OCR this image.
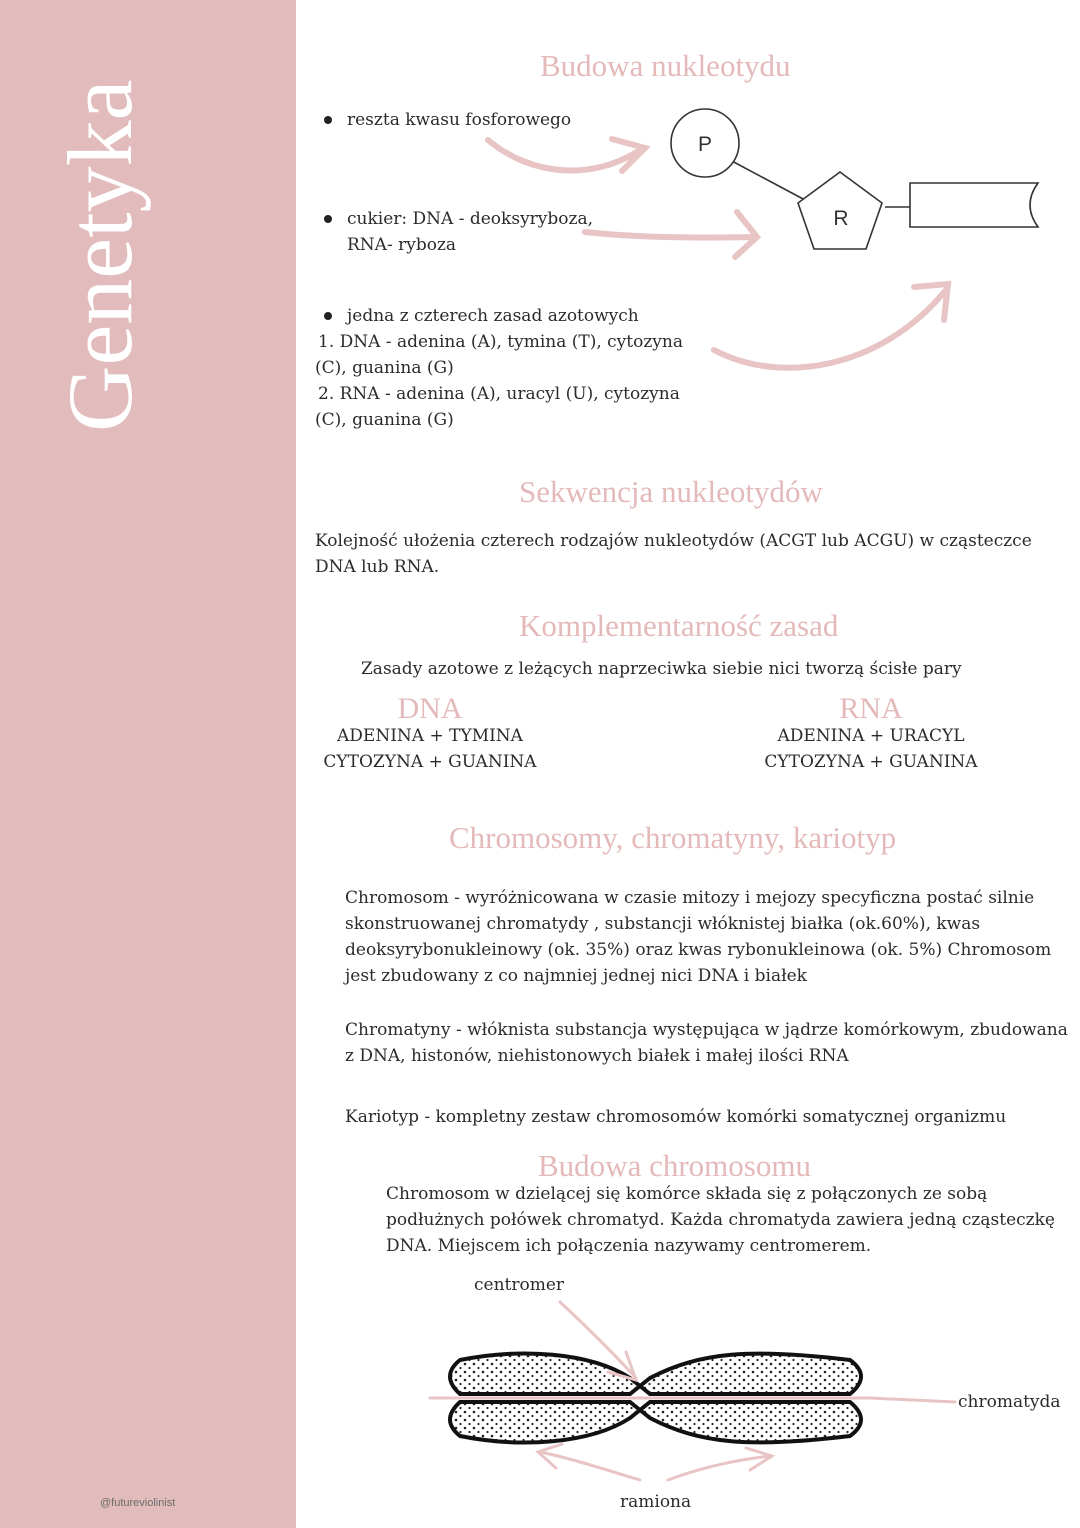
Genetyka
@futureviolinist
Budowa nukleotydu
reszta kwasu fosforowego
cukier: DNA - deoksyryboza,
RNA- ryboza
jedna z czterech zasad azotowych
1. DNA - adenina (A), tymina (T), cytozyna
(C), guanina (G)
2. RNA - adenina (A), uracyl (U), cytozyna
(C), guanina (G)
P
R
Sekwencja nukleotydów
Kolejność ułożenia czterech rodzajów nukleotydów (ACGT lub ACGU) w cząsteczce
DNA lub RNA.
Komplementarność zasad
Zasady azotowe z leżących naprzeciwka siebie nici tworzą ścisłe pary
DNA
ADENINA + TYMINA
CYTOZYNA + GUANINA
RNA
ADENINA + URACYL
CYTOZYNA + GUANINA
Chromosomy, chromatyny, kariotyp
Chromosom - wyróżnicowana w czasie mitozy i mejozy specyficzna postać silnie
skonstruowanej chromatydy , substancji włóknistej białka (ok.60%), kwas
deoksyrybonukleinowy (ok. 35%) oraz kwas rybonukleinowa (ok. 5%) Chromosom
jest zbudowany z co najmniej jednej nici DNA i białek
Chromatyny - włóknista substancja występująca w jądrze komórkowym, zbudowana
z DNA, histonów, niehistonowych białek i małej ilości RNA
Kariotyp - kompletny zestaw chromosomów komórki somatycznej organizmu
Budowa chromosomu
Chromosom w dzielącej się komórce składa się z połączonych ze sobą
podłużnych połówek chromatyd. Każda chromatyda zawiera jedną cząsteczkę
DNA. Miejscem ich połączenia nazywamy centromerem.
centromer
chromatyda
ramiona
